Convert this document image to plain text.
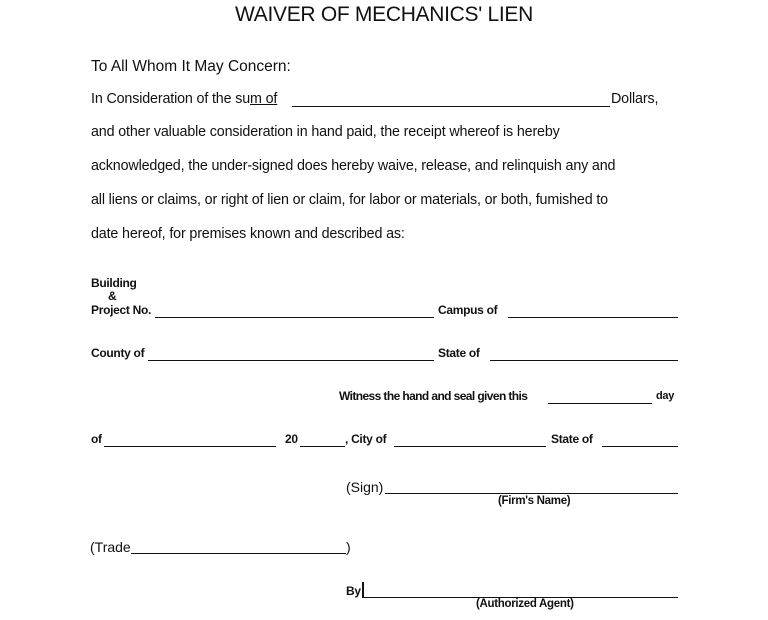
WAIVER OF MECHANICS' LIEN
To All Whom It May Concern:
In Consideration of the sum of	Dollars,
and other valuable consideration in hand paid, the receipt whereof is hereby
acknowledged, the under-signed does hereby waive, release, and relinquish any and
all liens or claims, or right of lien or claim, for labor or materials, or both, fumished to
date hereof, for premises known and described as:
Building
&
Project No.	Campus of
County of	State of
Witness the hand and seal given this	day
of	20	, City of	State of
(Sign)
(Firm's Name)
(Trade	)
By
(Authorized Agent)
